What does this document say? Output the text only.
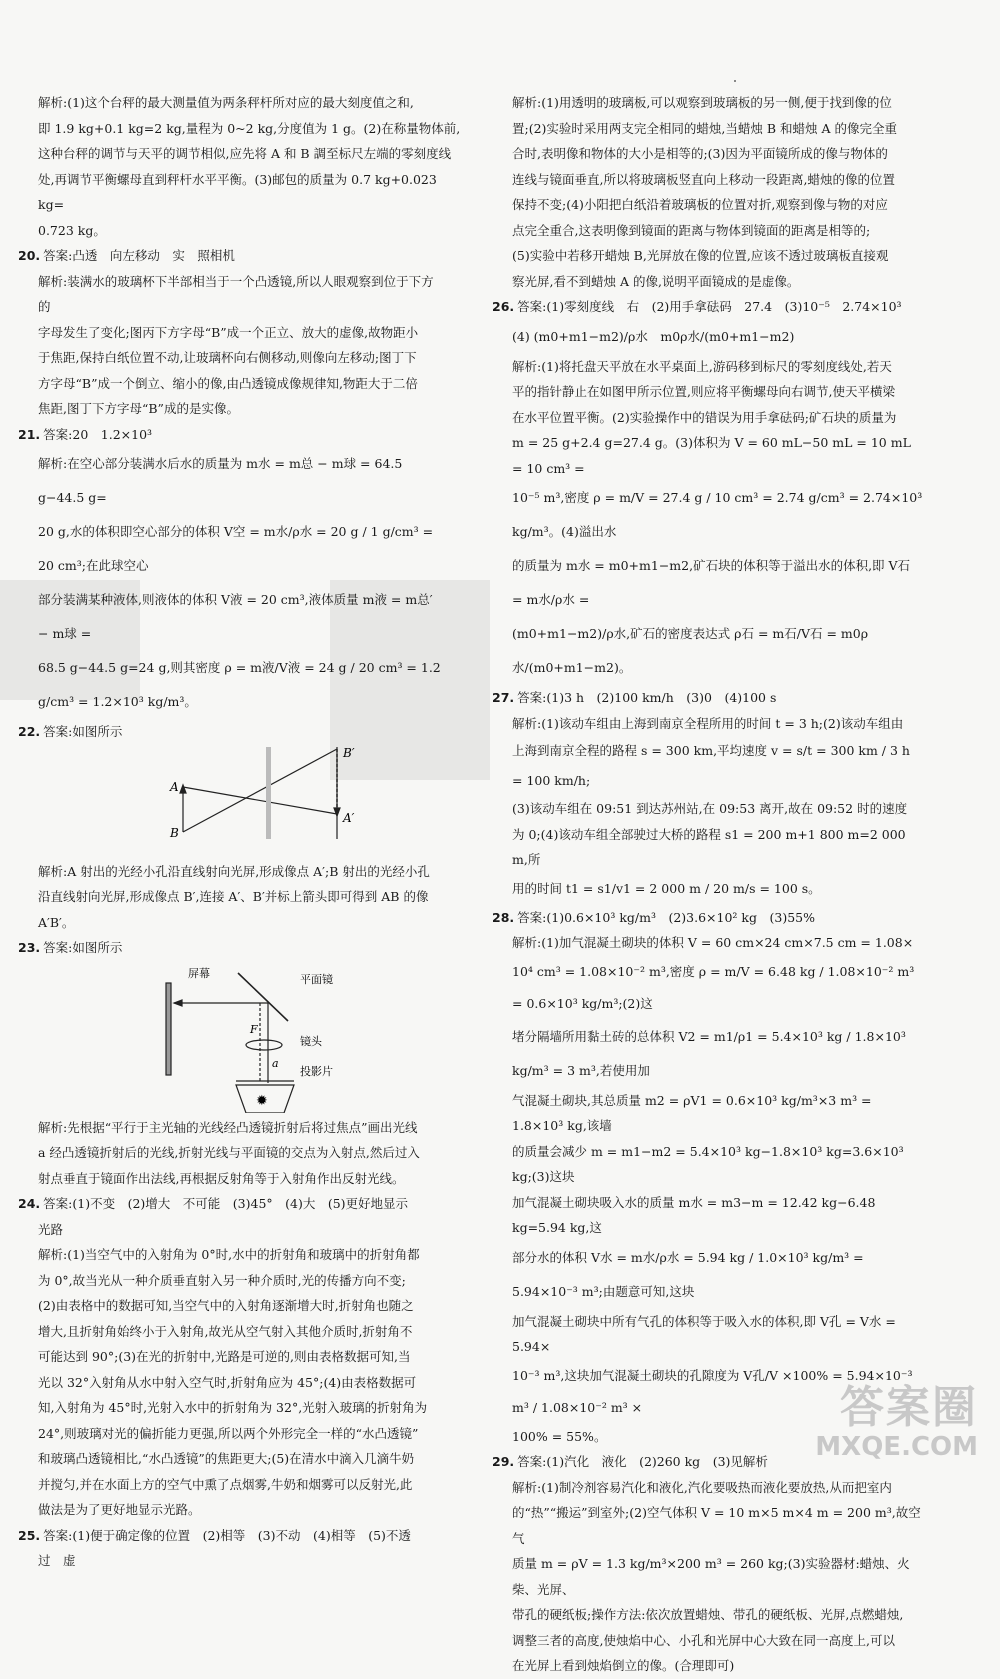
解析:(1)这个台秤的最大测量值为两条秤杆所对应的最大刻度值之和,
即 1.9 kg+0.1 kg=2 kg,量程为 0~2 kg,分度值为 1 g。(2)在称量物体前,
这种台秤的调节与天平的调节相似,应先将 A 和 B 調至标尺左端的零刻度线
处,再调节平衡螺母直到秤杆水平平衡。(3)邮包的质量为 0.7 kg+0.023 kg=
0.723 kg。
20. 答案:凸透　向左移动　实　照相机
解析:装满水的玻璃杯下半部相当于一个凸透镜,所以人眼观察到位于下方的
字母发生了变化;图丙下方字母“B”成一个正立、放大的虚像,故物距小
于焦距,保持白纸位置不动,让玻璃杯向右侧移动,则像向左移动;图丁下
方字母“B”成一个倒立、缩小的像,由凸透镜成像规律知,物距大于二倍
焦距,图丁下方字母“B”成的是实像。
21. 答案:20　1.2×10³
解析:在空心部分装满水后水的质量为 m水 = m总 − m球 = 64.5 g−44.5 g=
20 g,水的体积即空心部分的体积 V空 = m水/ρ水 = 20 g / 1 g/cm³ = 20 cm³;在此球空心
部分装满某种液体,则液体的体积 V液 = 20 cm³,液体质量 m液 = m总′ − m球 =
68.5 g−44.5 g=24 g,则其密度 ρ = m液/V液 = 24 g / 20 cm³ = 1.2 g/cm³ = 1.2×10³ kg/m³。
22. 答案:如图所示
A
B
B′
A′
解析:A 射出的光经小孔沿直线射向光屏,形成像点 A′;B 射出的光经小孔
沿直线射向光屏,形成像点 B′,连接 A′、B′并标上箭头即可得到 AB 的像
A′B′。
23. 答案:如图所示
屏幕	平面镜
镜头
投影片
F
a
✹
解析:先根据“平行于主光轴的光线经凸透镜折射后将过焦点”画出光线
a 经凸透镜折射后的光线,折射光线与平面镜的交点为入射点,然后过入
射点垂直于镜面作出法线,再根据反射角等于入射角作出反射光线。
24. 答案:(1)不变　(2)增大　不可能　(3)45°　(4)大　(5)更好地显示
光路
解析:(1)当空气中的入射角为 0°时,水中的折射角和玻璃中的折射角都
为 0°,故当光从一种介质垂直射入另一种介质时,光的传播方向不变;
(2)由表格中的数据可知,当空气中的入射角逐渐增大时,折射角也随之
增大,且折射角始终小于入射角,故光从空气射入其他介质时,折射角不
可能达到 90°;(3)在光的折射中,光路是可逆的,则由表格数据可知,当
光以 32°入射角从水中射入空气时,折射角应为 45°;(4)由表格数据可
知,入射角为 45°时,光射入水中的折射角为 32°,光射入玻璃的折射角为
24°,则玻璃对光的偏折能力更强,所以两个外形完全一样的“水凸透镜”
和玻璃凸透镜相比,“水凸透镜”的焦距更大;(5)在清水中滴入几滴牛奶
并搅匀,并在水面上方的空气中熏了点烟雾,牛奶和烟雾可以反射光,此
做法是为了更好地显示光路。
25. 答案:(1)便于确定像的位置　(2)相等　(3)不动　(4)相等　(5)不透
过　虚
解析:(1)用透明的玻璃板,可以观察到玻璃板的另一侧,便于找到像的位
置;(2)实验时采用两支完全相同的蜡烛,当蜡烛 B 和蜡烛 A 的像完全重
合时,表明像和物体的大小是相等的;(3)因为平面镜所成的像与物体的
连线与镜面垂直,所以将玻璃板竖直向上移动一段距离,蜡烛的像的位置
保持不变;(4)小阳把白纸沿着玻璃板的位置对折,观察到像与物的对应
点完全重合,这表明像到镜面的距离与物体到镜面的距离是相等的;
(5)实验中若移开蜡烛 B,光屏放在像的位置,应该不透过玻璃板直接观
察光屏,看不到蜡烛 A 的像,说明平面镜成的是虚像。
26. 答案:(1)零刻度线　右　(2)用手拿砝码　27.4　(3)10⁻⁵　2.74×10³
(4) (m0+m1−m2)/ρ水　m0ρ水/(m0+m1−m2)
解析:(1)将托盘天平放在水平桌面上,游码移到标尺的零刻度线处,若天
平的指针静止在如图甲所示位置,则应将平衡螺母向右调节,使天平横梁
在水平位置平衡。(2)实验操作中的错误为用手拿砝码;矿石块的质量为
m = 25 g+2.4 g=27.4 g。(3)体积为 V = 60 mL−50 mL = 10 mL = 10 cm³ =
10⁻⁵ m³,密度 ρ = m/V = 27.4 g / 10 cm³ = 2.74 g/cm³ = 2.74×10³ kg/m³。(4)溢出水
的质量为 m水 = m0+m1−m2,矿石块的体积等于溢出水的体积,即 V石 = m水/ρ水 =
(m0+m1−m2)/ρ水,矿石的密度表达式 ρ石 = m石/V石 = m0ρ水/(m0+m1−m2)。
27. 答案:(1)3 h　(2)100 km/h　(3)0　(4)100 s
解析:(1)该动车组由上海到南京全程所用的时间 t = 3 h;(2)该动车组由
上海到南京全程的路程 s = 300 km,平均速度 v = s/t = 300 km / 3 h = 100 km/h;
(3)该动车组在 09:51 到达苏州站,在 09:53 离开,故在 09:52 时的速度
为 0;(4)该动车组全部驶过大桥的路程 s1 = 200 m+1 800 m=2 000 m,所
用的时间 t1 = s1/v1 = 2 000 m / 20 m/s = 100 s。
28. 答案:(1)0.6×10³ kg/m³　(2)3.6×10² kg　(3)55%
解析:(1)加气混凝土砌块的体积 V = 60 cm×24 cm×7.5 cm = 1.08×
10⁴ cm³ = 1.08×10⁻² m³,密度 ρ = m/V = 6.48 kg / 1.08×10⁻² m³ = 0.6×10³ kg/m³;(2)这
堵分隔墙所用黏土砖的总体积 V2 = m1/ρ1 = 5.4×10³ kg / 1.8×10³ kg/m³ = 3 m³,若使用加
气混凝土砌块,其总质量 m2 = ρV1 = 0.6×10³ kg/m³×3 m³ = 1.8×10³ kg,该墙
的质量会减少 m = m1−m2 = 5.4×10³ kg−1.8×10³ kg=3.6×10³ kg;(3)这块
加气混凝土砌块吸入水的质量 m水 = m3−m = 12.42 kg−6.48 kg=5.94 kg,这
部分水的体积 V水 = m水/ρ水 = 5.94 kg / 1.0×10³ kg/m³ = 5.94×10⁻³ m³;由题意可知,这块
加气混凝土砌块中所有气孔的体积等于吸入水的体积,即 V孔 = V水 = 5.94×
10⁻³ m³,这块加气混凝土砌块的孔隙度为 V孔/V ×100% = 5.94×10⁻³ m³ / 1.08×10⁻² m³ ×
100% = 55%。
29. 答案:(1)汽化　液化　(2)260 kg　(3)见解析
解析:(1)制冷剂容易汽化和液化,汽化要吸热而液化要放热,从而把室内
的“热”“搬运”到室外;(2)空气体积 V = 10 m×5 m×4 m = 200 m³,故空气
质量 m = ρV = 1.3 kg/m³×200 m³ = 260 kg;(3)实验器材:蜡烛、火柴、光屏、
带孔的硬纸板;操作方法:依次放置蜡烛、带孔的硬纸板、光屏,点燃蜡烛,
调整三者的高度,使烛焰中心、小孔和光屏中心大致在同一高度上,可以
在光屏上看到烛焰倒立的像。(合理即可)
答案圈
MXQE.COM
